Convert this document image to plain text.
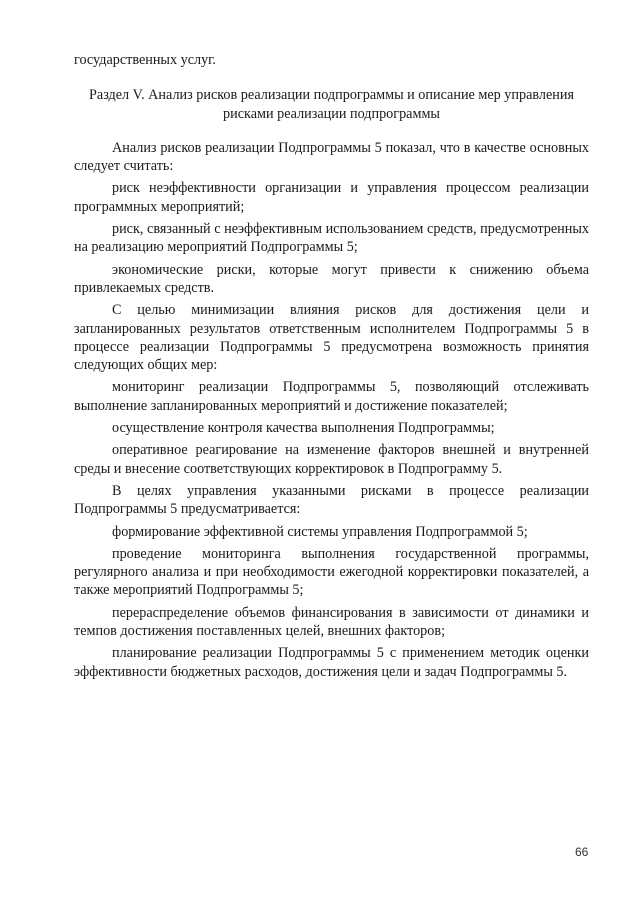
государственных услуг.

Раздел V. Анализ рисков реализации подпрограммы и описание мер управления рисками реализации подпрограммы

Анализ рисков реализации Подпрограммы 5 показал, что в качестве основных следует считать:

риск неэффективности организации и управления процессом реализации программных мероприятий;

риск, связанный с неэффективным использованием средств, предусмотренных на реализацию мероприятий Подпрограммы 5;

экономические риски, которые могут привести к снижению объема привлекаемых средств.

С целью минимизации влияния рисков для достижения цели и запланированных результатов ответственным исполнителем Подпрограммы 5 в процессе реализации Подпрограммы 5 предусмотрена возможность принятия следующих общих мер:

мониторинг реализации Подпрограммы 5, позволяющий отслеживать выполнение запланированных мероприятий и достижение показателей;

осуществление контроля качества выполнения Подпрограммы;

оперативное реагирование на изменение факторов внешней и внутренней среды и внесение соответствующих корректировок в Подпрограмму 5.

В целях управления указанными рисками в процессе реализации Подпрограммы 5 предусматривается:

формирование эффективной системы управления Подпрограммой 5;

проведение мониторинга выполнения государственной программы, регулярного анализа и при необходимости ежегодной корректировки показателей, а также мероприятий Подпрограммы 5;

перераспределение объемов финансирования в зависимости от динамики и темпов достижения поставленных целей, внешних факторов;

планирование реализации Подпрограммы 5 с применением методик оценки эффективности бюджетных расходов, достижения цели и задач Подпрограммы 5.

66
